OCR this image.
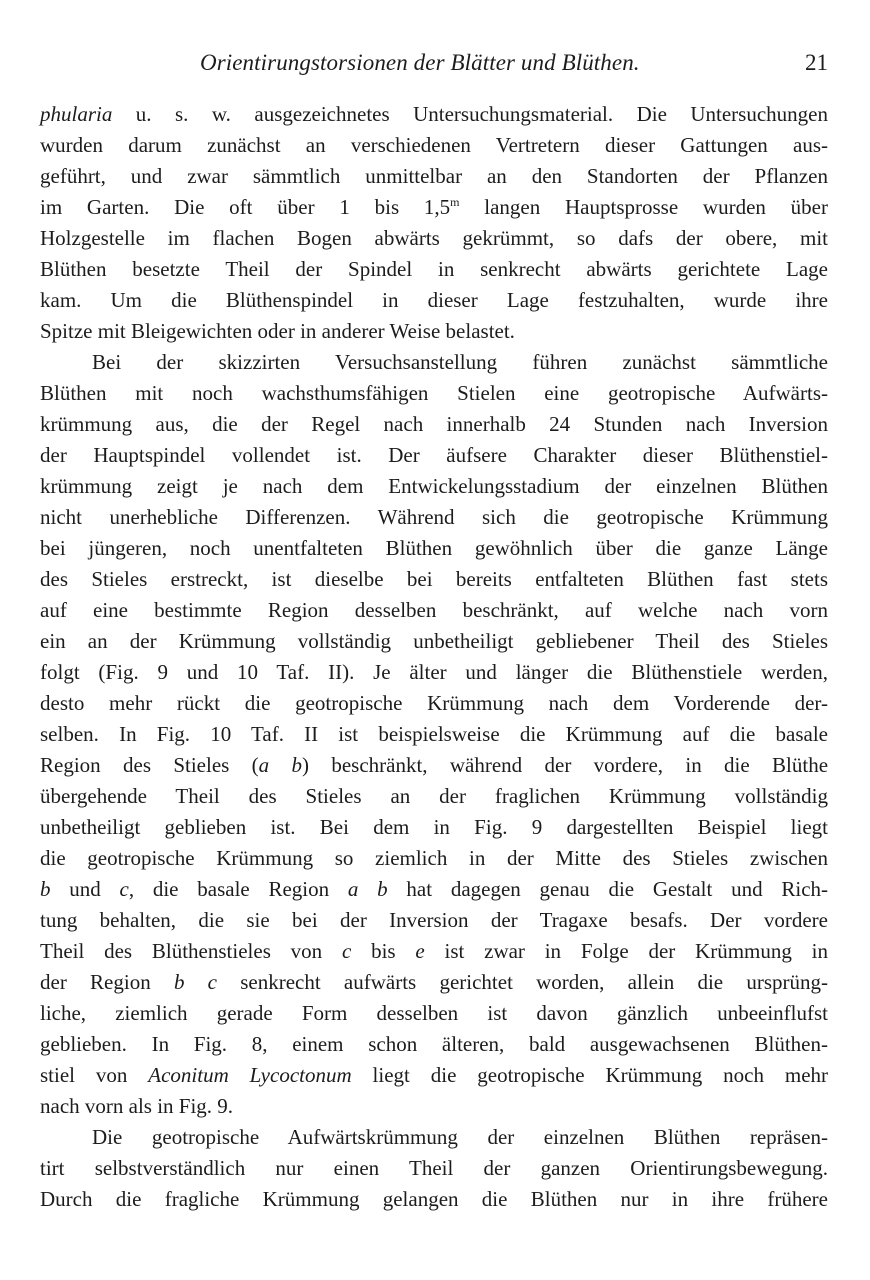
Orientirungstorsionen der Blätter und Blüthen.	21
phularia u. s. w. ausgezeichnetes Untersuchungsmaterial. Die Untersuchungen
wurden darum zunächst an verschiedenen Vertretern dieser Gattungen aus-
geführt, und zwar sämmtlich unmittelbar an den Standorten der Pflanzen
im Garten. Die oft über 1 bis 1,5$^m$ langen Hauptsprosse wurden über
Holzgestelle im flachen Bogen abwärts gekrümmt, so dafs der obere, mit
Blüthen besetzte Theil der Spindel in senkrecht abwärts gerichtete Lage
kam. Um die Blüthenspindel in dieser Lage festzuhalten, wurde ihre
Spitze mit Bleigewichten oder in anderer Weise belastet.
Bei der skizzirten Versuchsanstellung führen zunächst sämmtliche
Blüthen mit noch wachsthumsfähigen Stielen eine geotropische Aufwärts-
krümmung aus, die der Regel nach innerhalb 24 Stunden nach Inversion
der Hauptspindel vollendet ist. Der äufsere Charakter dieser Blüthenstiel-
krümmung zeigt je nach dem Entwickelungsstadium der einzelnen Blüthen
nicht unerhebliche Differenzen. Während sich die geotropische Krümmung
bei jüngeren, noch unentfalteten Blüthen gewöhnlich über die ganze Länge
des Stieles erstreckt, ist dieselbe bei bereits entfalteten Blüthen fast stets
auf eine bestimmte Region desselben beschränkt, auf welche nach vorn
ein an der Krümmung vollständig unbetheiligt gebliebener Theil des Stieles
folgt (Fig. 9 und 10 Taf. II). Je älter und länger die Blüthenstiele werden,
desto mehr rückt die geotropische Krümmung nach dem Vorderende der-
selben. In Fig. 10 Taf. II ist beispielsweise die Krümmung auf die basale
Region des Stieles (a b) beschränkt, während der vordere, in die Blüthe
übergehende Theil des Stieles an der fraglichen Krümmung vollständig
unbetheiligt geblieben ist. Bei dem in Fig. 9 dargestellten Beispiel liegt
die geotropische Krümmung so ziemlich in der Mitte des Stieles zwischen
b und c, die basale Region a b hat dagegen genau die Gestalt und Rich-
tung behalten, die sie bei der Inversion der Tragaxe besafs. Der vordere
Theil des Blüthenstieles von c bis e ist zwar in Folge der Krümmung in
der Region b c senkrecht aufwärts gerichtet worden, allein die ursprüng-
liche, ziemlich gerade Form desselben ist davon gänzlich unbeeinflufst
geblieben. In Fig. 8, einem schon älteren, bald ausgewachsenen Blüthen-
stiel von Aconitum Lycoctonum liegt die geotropische Krümmung noch mehr
nach vorn als in Fig. 9.
Die geotropische Aufwärtskrümmung der einzelnen Blüthen repräsen-
tirt selbstverständlich nur einen Theil der ganzen Orientirungsbewegung.
Durch die fragliche Krümmung gelangen die Blüthen nur in ihre frühere
